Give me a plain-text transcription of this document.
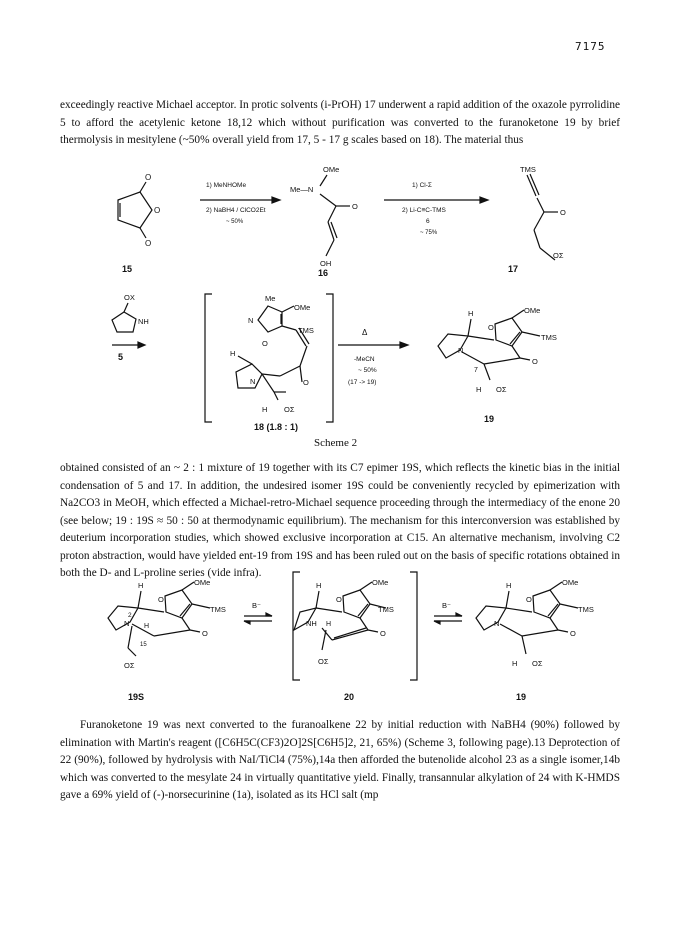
7175

exceedingly reactive Michael acceptor. In protic solvents (i-PrOH) 17 underwent a rapid addition of the oxazole pyrrolidine 5 to afford the acetylenic ketone 18,12 which without purification was converted to the furanoketone 19 by brief thermolysis in mesitylene (~50% overall yield from 17, 5 - 17 g scales based on 18). The material thus

O
O
O
15
1) MeNHOMe
2) NaBH4 / ClCO2Et
~ 50%
OMe
Me—N
O
OH
16
1) Cl-Σ
2) Li-C≡C-TMS
6
~ 75%
TMS
O
OΣ
17
OX
NH
5
Me
N
O
OMe
TMS
O
H
N
H OΣ
18 (1.8 : 1)
Δ
-MeCN
~ 50%
(17 -> 19)
H
O
OMe
TMS
O
N
7
H OΣ
19
Scheme 2

obtained consisted of an ~ 2 : 1 mixture of 19 together with its C7 epimer 19S, which reflects the kinetic bias in the initial condensation of 5 and 17. In addition, the undesired isomer 19S could be conveniently recycled by epimerization with Na2CO3 in MeOH, which effected a Michael-retro-Michael sequence proceeding through the intermediacy of the enone 20 (see below; 19 : 19S ≈ 50 : 50 at thermodynamic equilibrium). The mechanism for this interconversion was established by deuterium incorporation studies, which showed exclusive incorporation at C15. An alternative mechanism, involving C2 proton abstraction, would have yielded ent-19 from 19S and has been ruled out on the basis of specific rotations obtained in both the D- and L-proline series (vide infra).

H
O
OMe
TMS
O
2
N H
15
OΣ
19S
B⁻
H
O
OMe
TMS
O
NH H
OΣ
20
B⁻
H
O
OMe
TMS
O
N
H OΣ
19

Furanoketone 19 was next converted to the furanoalkene 22 by initial reduction with NaBH4 (90%) followed by elimination with Martin's reagent ([C6H5C(CF3)2O]2S[C6H5]2, 21, 65%) (Scheme 3, following page).13 Deprotection of 22 (90%), followed by hydrolysis with NaI/TiCl4 (75%),14a then afforded the butenolide alcohol 23 as a single isomer,14b which was converted to the mesylate 24 in virtually quantitative yield. Finally, transannular alkylation of 24 with K-HMDS gave a 69% yield of (-)-norsecurinine (1a), isolated as its HCl salt (mp
